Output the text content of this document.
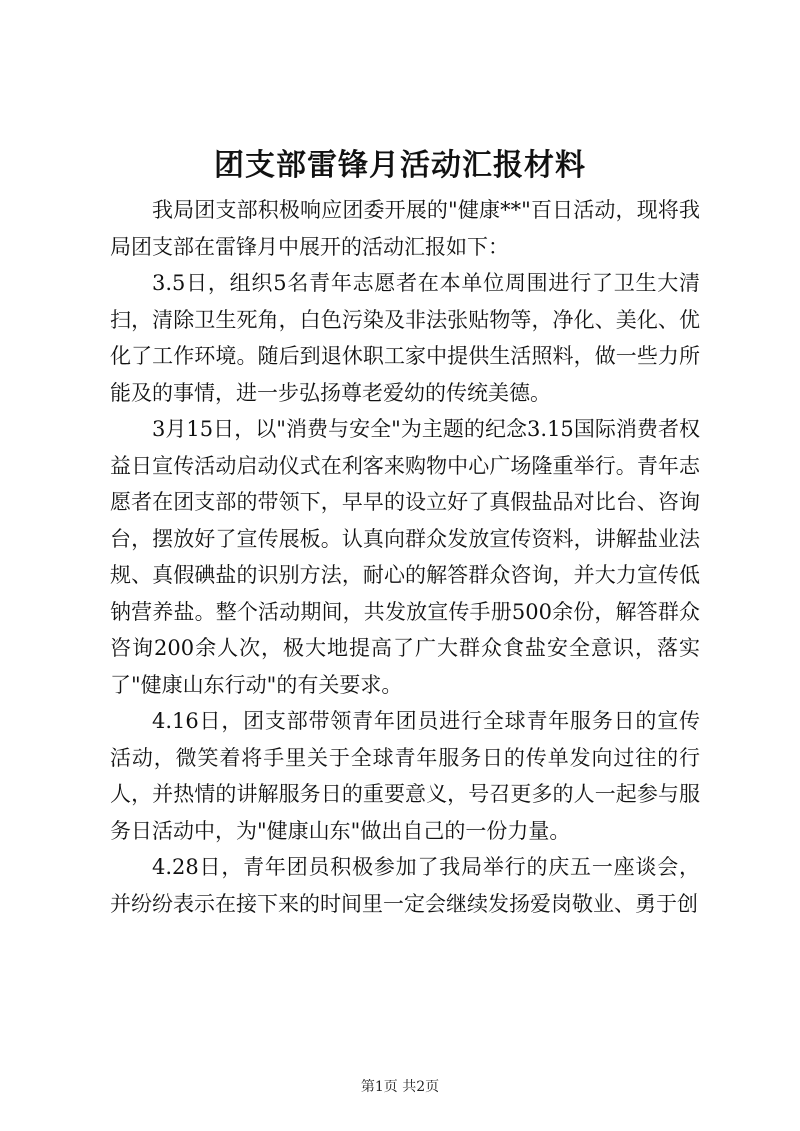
团支部雷锋月活动汇报材料

我局团支部积极响应团委开展的"健康**"百日活动，现将我局团支部在雷锋月中展开的活动汇报如下：

3.5日，组织5名青年志愿者在本单位周围进行了卫生大清扫，清除卫生死角，白色污染及非法张贴物等，净化、美化、优化了工作环境。随后到退休职工家中提供生活照料，做一些力所能及的事情，进一步弘扬尊老爱幼的传统美德。

3月15日，以"消费与安全"为主题的纪念3.15国际消费者权益日宣传活动启动仪式在利客来购物中心广场隆重举行。青年志愿者在团支部的带领下，早早的设立好了真假盐品对比台、咨询台，摆放好了宣传展板。认真向群众发放宣传资料，讲解盐业法规、真假碘盐的识别方法，耐心的解答群众咨询，并大力宣传低钠营养盐。整个活动期间，共发放宣传手册500余份，解答群众咨询200余人次，极大地提高了广大群众食盐安全意识，落实了"健康山东行动"的有关要求。

4.16日，团支部带领青年团员进行全球青年服务日的宣传活动，微笑着将手里关于全球青年服务日的传单发向过往的行人，并热情的讲解服务日的重要意义，号召更多的人一起参与服务日活动中，为"健康山东"做出自己的一份力量。

4.28日，青年团员积极参加了我局举行的庆五一座谈会，并纷纷表示在接下来的时间里一定会继续发扬爱岗敬业、勇于创

第1页 共2页
